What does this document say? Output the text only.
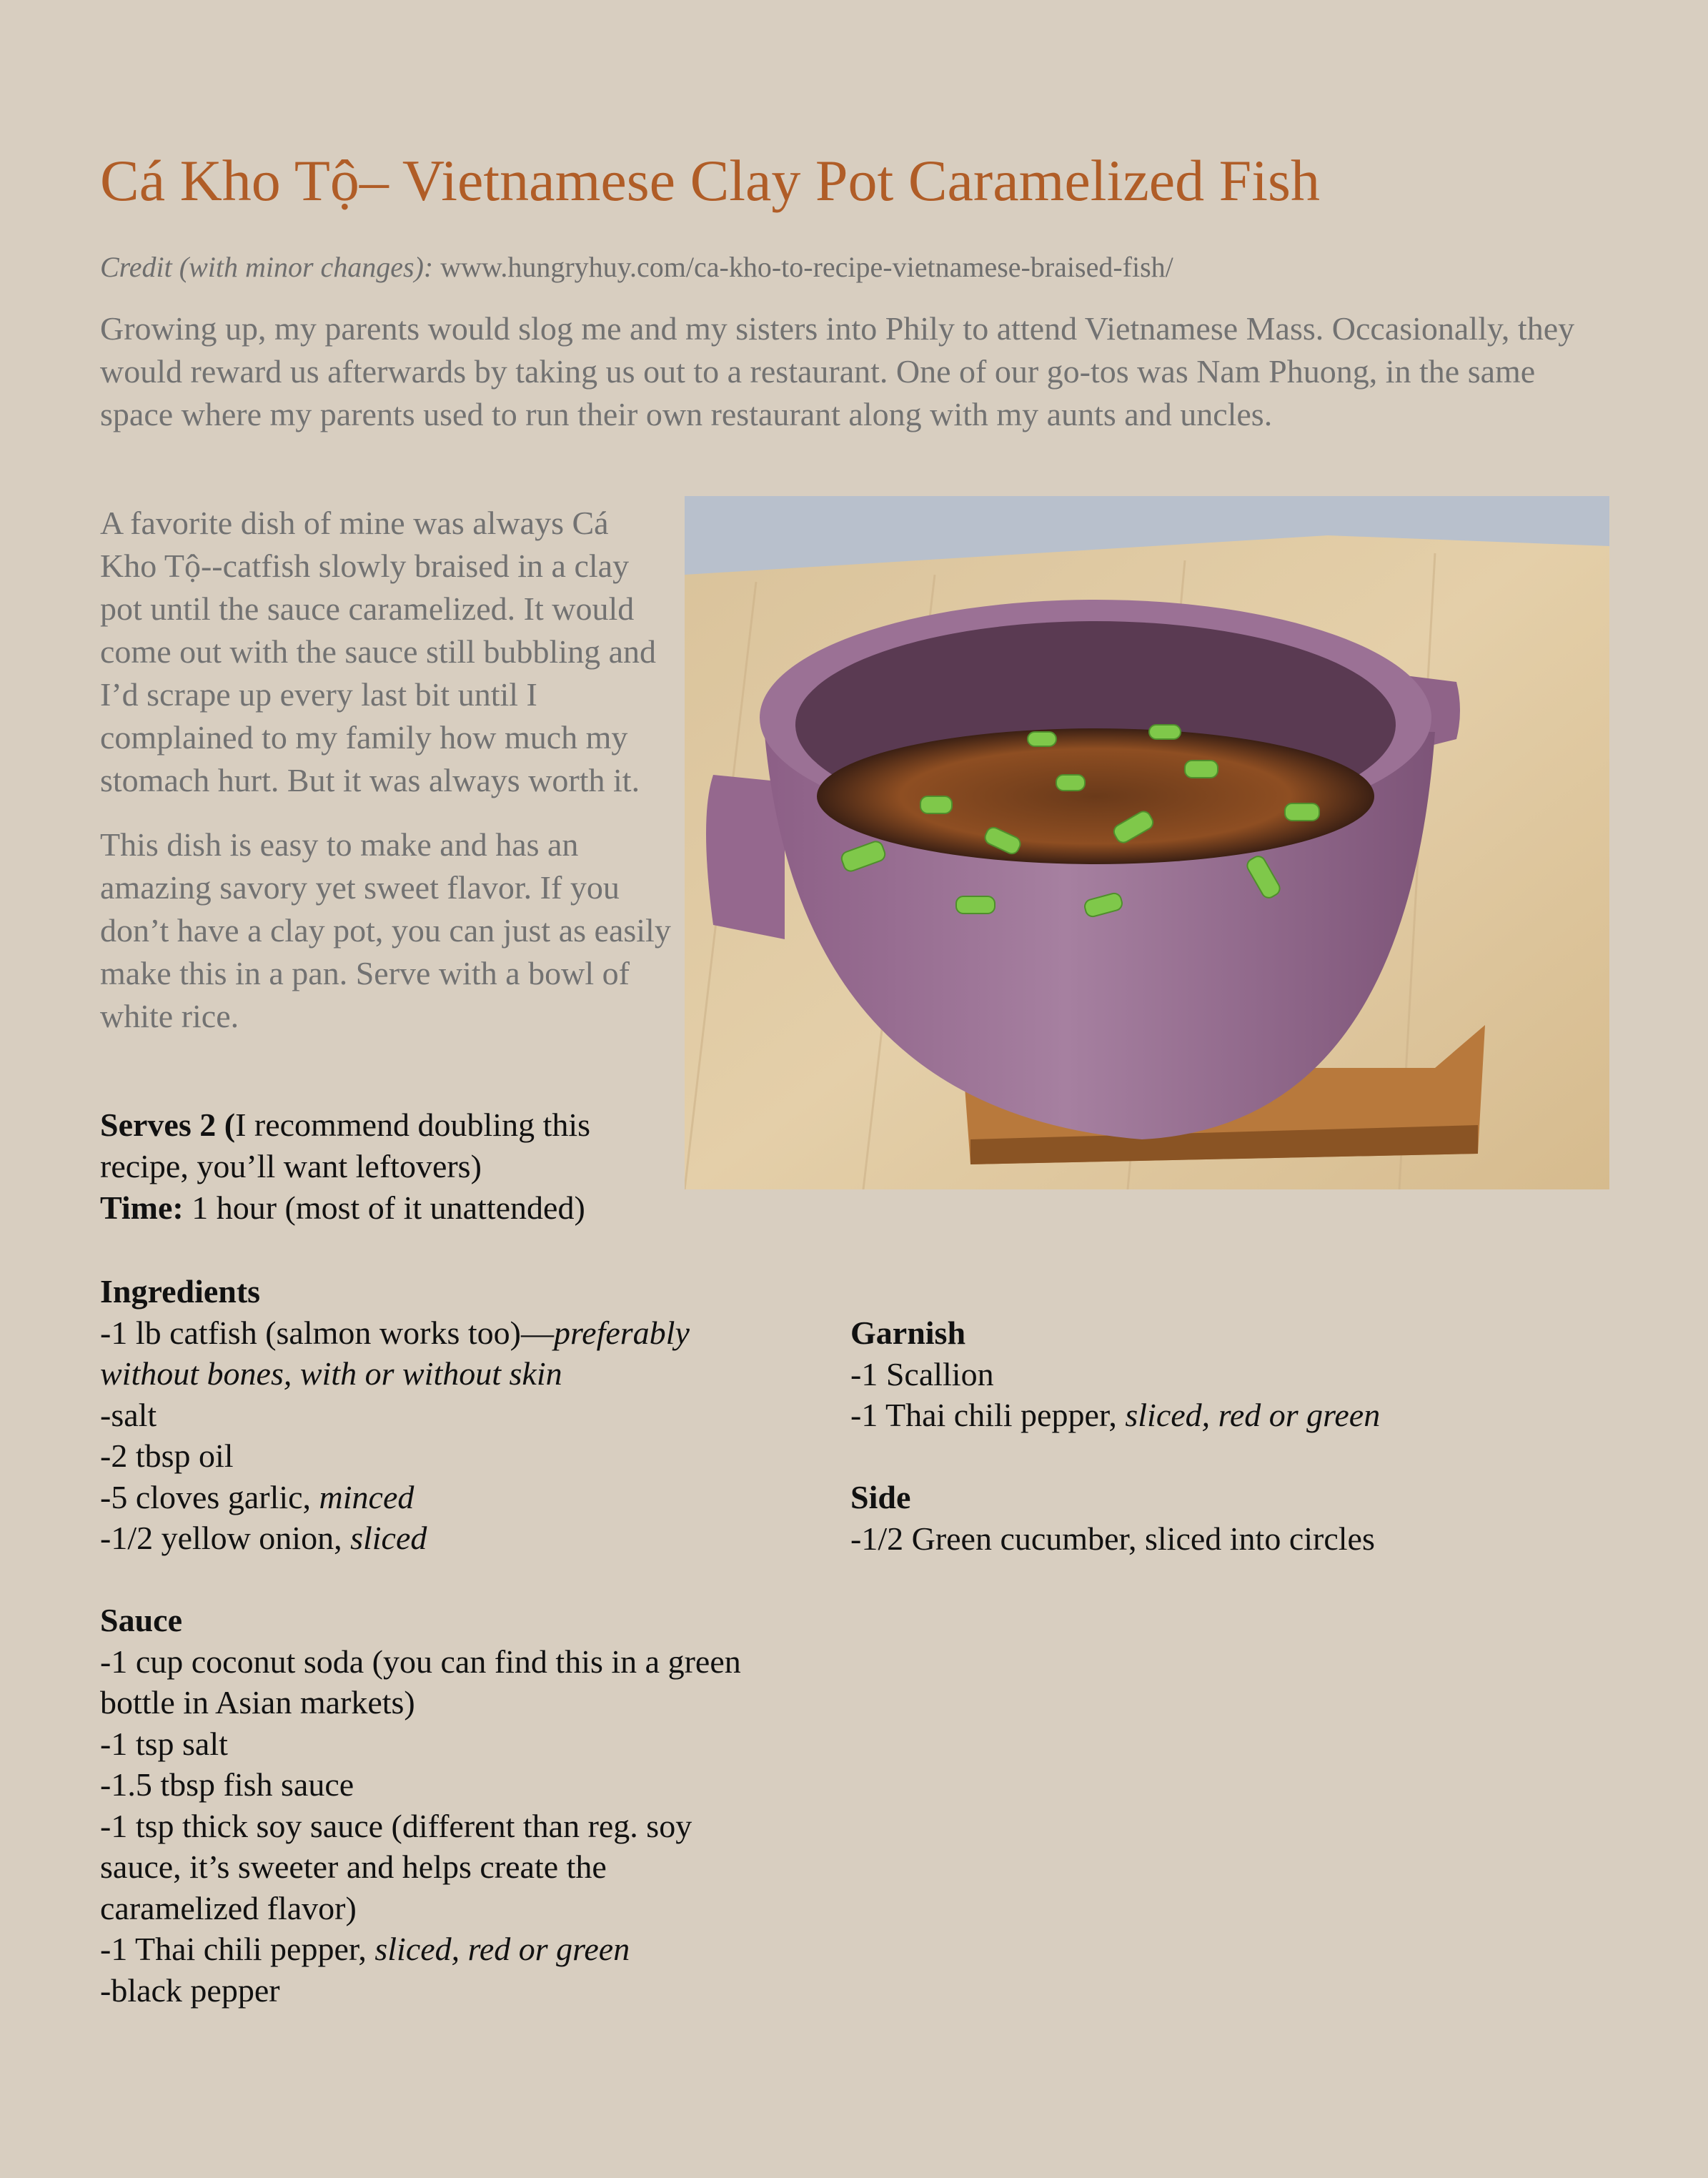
Cá Kho Tộ– Vietnamese Clay Pot Caramelized Fish
Credit (with minor changes): www.hungryhuy.com/ca-kho-to-recipe-vietnamese-braised-fish/

Growing up, my parents would slog me and my sisters into Phily to attend Vietnamese Mass. Occasionally, they would reward us afterwards by taking us out to a restaurant. One of our go-tos was Nam Phuong, in the same space where my parents used to run their own restaurant along with my aunts and uncles.

A favorite dish of mine was always Cá Kho Tộ--catfish slowly braised in a clay pot until the sauce caramelized. It would come out with the sauce still bubbling and I’d scrape up every last bit until I complained to my family how much my stomach hurt. But it was always worth it.

This dish is easy to make and has an amazing savory yet sweet flavor. If you don’t have a clay pot, you can just as easily make this in a pan. Serve with a bowl of white rice.

Serves 2 (I recommend doubling this recipe, you’ll want leftovers)
Time: 1 hour (most of it unattended)
Ingredients
-1 lb catfish (salmon works too)—preferably without bones, with or without skin
-salt
-2 tbsp oil
-5 cloves garlic, minced
-1/2 yellow onion, sliced
Sauce
-1 cup coconut soda (you can find this in a green bottle in Asian markets)
-1 tsp salt
-1.5 tbsp fish sauce
-1 tsp thick soy sauce (different than reg. soy sauce, it’s sweeter and helps create the caramelized flavor)
-1 Thai chili pepper, sliced, red or green
-black pepper
Garnish
-1 Scallion
-1 Thai chili pepper, sliced, red or green
Side
-1/2 Green cucumber, sliced into circles
